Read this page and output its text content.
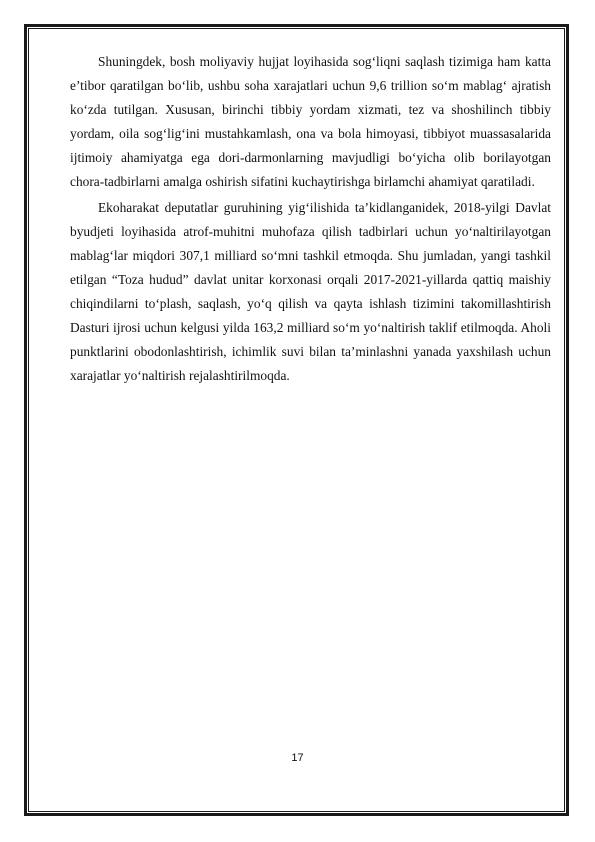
Shuningdek, bosh moliyaviy hujjat loyihasida sog‘liqni saqlash tizimiga ham katta e’tibor qaratilgan bo‘lib, ushbu soha xarajatlari uchun 9,6 trillion so‘m mablag‘ ajratish ko‘zda tutilgan. Xususan, birinchi tibbiy yordam xizmati, tez va shoshilinch tibbiy yordam, oila sog‘lig‘ini mustahkamlash, ona va bola himoyasi, tibbiyot muassasalarida ijtimoiy ahamiyatga ega dori-darmonlarning mavjudligi bo‘yicha olib borilayotgan chora-tadbirlarni amalga oshirish sifatini kuchaytirishga birlamchi ahamiyat qaratiladi.

Ekoharakat deputatlar guruhining yig‘ilishida ta’kidlanganidek, 2018-yilgi Davlat byudjeti loyihasida atrof-muhitni muhofaza qilish tadbirlari uchun yo‘naltirilayotgan mablag‘lar miqdori 307,1 milliard so‘mni tashkil etmoqda. Shu jumladan, yangi tashkil etilgan “Toza hudud” davlat unitar korxonasi orqali 2017-2021-yillarda qattiq maishiy chiqindilarni to‘plash, saqlash, yo‘q qilish va qayta ishlash tizimini takomillashtirish Dasturi ijrosi uchun kelgusi yilda 163,2 milliard so‘m yo‘naltirish taklif etilmoqda. Aholi punktlarini obodonlashtirish, ichimlik suvi bilan ta’minlashni yanada yaxshilash uchun xarajatlar yo‘naltirish rejalashtirilmoqda.

17
